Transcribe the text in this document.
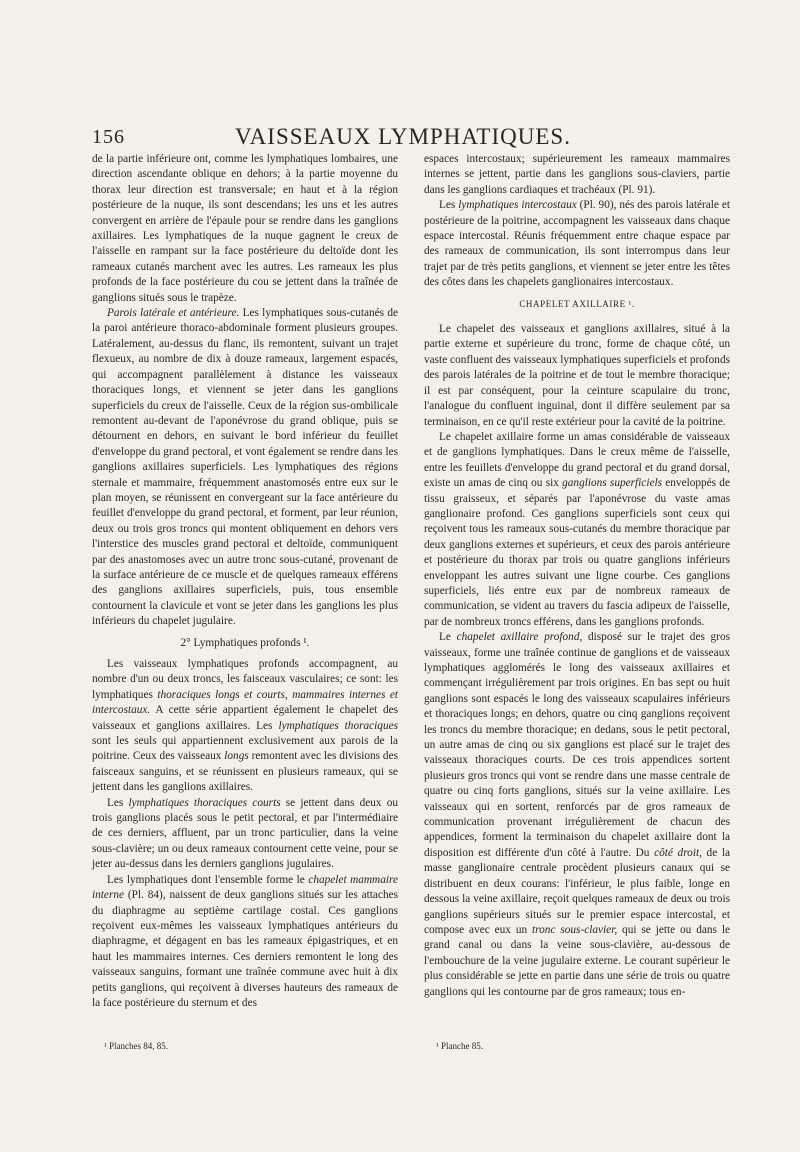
156	VAISSEAUX LYMPHATIQUES.

de la partie inférieure ont, comme les lymphatiques lombaires, une direction ascendante oblique en dehors; à la partie moyenne du thorax leur direction est transversale; en haut et à la région postérieure de la nuque, ils sont descendans; les uns et les autres convergent en arrière de l'épaule pour se rendre dans les ganglions axillaires. Les lymphatiques de la nuque gagnent le creux de l'aisselle en rampant sur la face postérieure du deltoïde dont les rameaux cutanés marchent avec les autres. Les rameaux les plus profonds de la face postérieure du cou se jettent dans la traînée de ganglions situés sous le trapèze.

Parois latérale et antérieure. Les lymphatiques sous-cutanés de la paroi antérieure thoraco-abdominale forment plusieurs groupes. Latéralement, au-dessus du flanc, ils remontent, suivant un trajet flexueux, au nombre de dix à douze rameaux, largement espacés, qui accompagnent parallèlement à distance les vaisseaux thoraciques longs, et viennent se jeter dans les ganglions superficiels du creux de l'aisselle. Ceux de la région sus-ombilicale remontent au-devant de l'aponévrose du grand oblique, puis se détournent en dehors, en suivant le bord inférieur du feuillet d'enveloppe du grand pectoral, et vont également se rendre dans les ganglions axillaires superficiels. Les lymphatiques des régions sternale et mammaire, fréquemment anastomosés entre eux sur le plan moyen, se réunissent en convergeant sur la face antérieure du feuillet d'enveloppe du grand pectoral, et forment, par leur réunion, deux ou trois gros troncs qui montent obliquement en dehors vers l'interstice des muscles grand pectoral et deltoïde, communiquent par des anastomoses avec un autre tronc sous-cutané, provenant de la surface antérieure de ce muscle et de quelques rameaux efférens des ganglions axillaires superficiels, puis, tous ensemble contournent la clavicule et vont se jeter dans les ganglions les plus inférieurs du chapelet jugulaire.

2° Lymphatiques profonds ¹.

Les vaisseaux lymphatiques profonds accompagnent, au nombre d'un ou deux troncs, les faisceaux vasculaires; ce sont: les lymphatiques thoraciques longs et courts, mammaires internes et intercostaux. A cette série appartient également le chapelet des vaisseaux et ganglions axillaires. Les lymphatiques thoraciques sont les seuls qui appartiennent exclusivement aux parois de la poitrine. Ceux des vaisseaux longs remontent avec les divisions des faisceaux sanguins, et se réunissent en plusieurs rameaux, qui se jettent dans les ganglions axillaires.

Les lymphatiques thoraciques courts se jettent dans deux ou trois ganglions placés sous le petit pectoral, et par l'intermédiaire de ces derniers, affluent, par un tronc particulier, dans la veine sous-clavière; un ou deux rameaux contournent cette veine, pour se jeter au-dessus dans les derniers ganglions jugulaires.

Les lymphatiques dont l'ensemble forme le chapelet mammaire interne (Pl. 84), naissent de deux ganglions situés sur les attaches du diaphragme au septième cartilage costal. Ces ganglions reçoivent eux-mêmes les vaisseaux lymphatiques antérieurs du diaphragme, et dégagent en bas les rameaux épigastriques, et en haut les mammaires internes. Ces derniers remontent le long des vaisseaux sanguins, formant une traînée commune avec huit à dix petits ganglions, qui reçoivent à diverses hauteurs des rameaux de la face postérieure du sternum et des

espaces intercostaux; supérieurement les rameaux mammaires internes se jettent, partie dans les ganglions sous-claviers, partie dans les ganglions cardiaques et trachéaux (Pl. 91).

Les lymphatiques intercostaux (Pl. 90), nés des parois latérale et postérieure de la poitrine, accompagnent les vaisseaux dans chaque espace intercostal. Réunis fréquemment entre chaque espace par des rameaux de communication, ils sont interrompus dans leur trajet par de très petits ganglions, et viennent se jeter entre les têtes des côtes dans les chapelets ganglionaires intercostaux.

CHAPELET AXILLAIRE ¹.

Le chapelet des vaisseaux et ganglions axillaires, situé à la partie externe et supérieure du tronc, forme de chaque côté, un vaste confluent des vaisseaux lymphatiques superficiels et profonds des parois latérales de la poitrine et de tout le membre thoracique; il est par conséquent, pour la ceinture scapulaire du tronc, l'analogue du confluent inguinal, dont il diffère seulement par sa terminaison, en ce qu'il reste extérieur pour la cavité de la poitrine.

Le chapelet axillaire forme un amas considérable de vaisseaux et de ganglions lymphatiques. Dans le creux même de l'aisselle, entre les feuillets d'enveloppe du grand pectoral et du grand dorsal, existe un amas de cinq ou six ganglions superficiels enveloppés de tissu graisseux, et séparés par l'aponévrose du vaste amas ganglionaire profond. Ces ganglions superficiels sont ceux qui reçoivent tous les rameaux sous-cutanés du membre thoracique par deux ganglions externes et supérieurs, et ceux des parois antérieure et postérieure du thorax par trois ou quatre ganglions inférieurs enveloppant les autres suivant une ligne courbe. Ces ganglions superficiels, liés entre eux par de nombreux rameaux de communication, se vident au travers du fascia adipeux de l'aisselle, par de nombreux troncs efférens, dans les ganglions profonds.

Le chapelet axillaire profond, disposé sur le trajet des gros vaisseaux, forme une traînée continue de ganglions et de vaisseaux lymphatiques agglomérés le long des vaisseaux axillaires et commençant irrégulièrement par trois origines. En bas sept ou huit ganglions sont espacés le long des vaisseaux scapulaires inférieurs et thoraciques longs; en dehors, quatre ou cinq ganglions reçoivent les troncs du membre thoracique; en dedans, sous le petit pectoral, un autre amas de cinq ou six ganglions est placé sur le trajet des vaisseaux thoraciques courts. De ces trois appendices sortent plusieurs gros troncs qui vont se rendre dans une masse centrale de quatre ou cinq forts ganglions, situés sur la veine axillaire. Les vaisseaux qui en sortent, renforcés par de gros rameaux de communication provenant irrégulièrement de chacun des appendices, forment la terminaison du chapelet axillaire dont la disposition est différente d'un côté à l'autre. Du côté droit, de la masse ganglionaire centrale procèdent plusieurs canaux qui se distribuent en deux courans: l'inférieur, le plus faible, longe en dessous la veine axillaire, reçoit quelques rameaux de deux ou trois ganglions supérieurs situés sur le premier espace intercostal, et compose avec eux un tronc sous-clavier, qui se jette ou dans le grand canal ou dans la veine sous-clavière, au-dessous de l'embouchure de la veine jugulaire externe. Le courant supérieur le plus considérable se jette en partie dans une série de trois ou quatre ganglions qui les contourne par de gros rameaux; tous en-

¹ Planches 84, 85.	¹ Planche 85.
